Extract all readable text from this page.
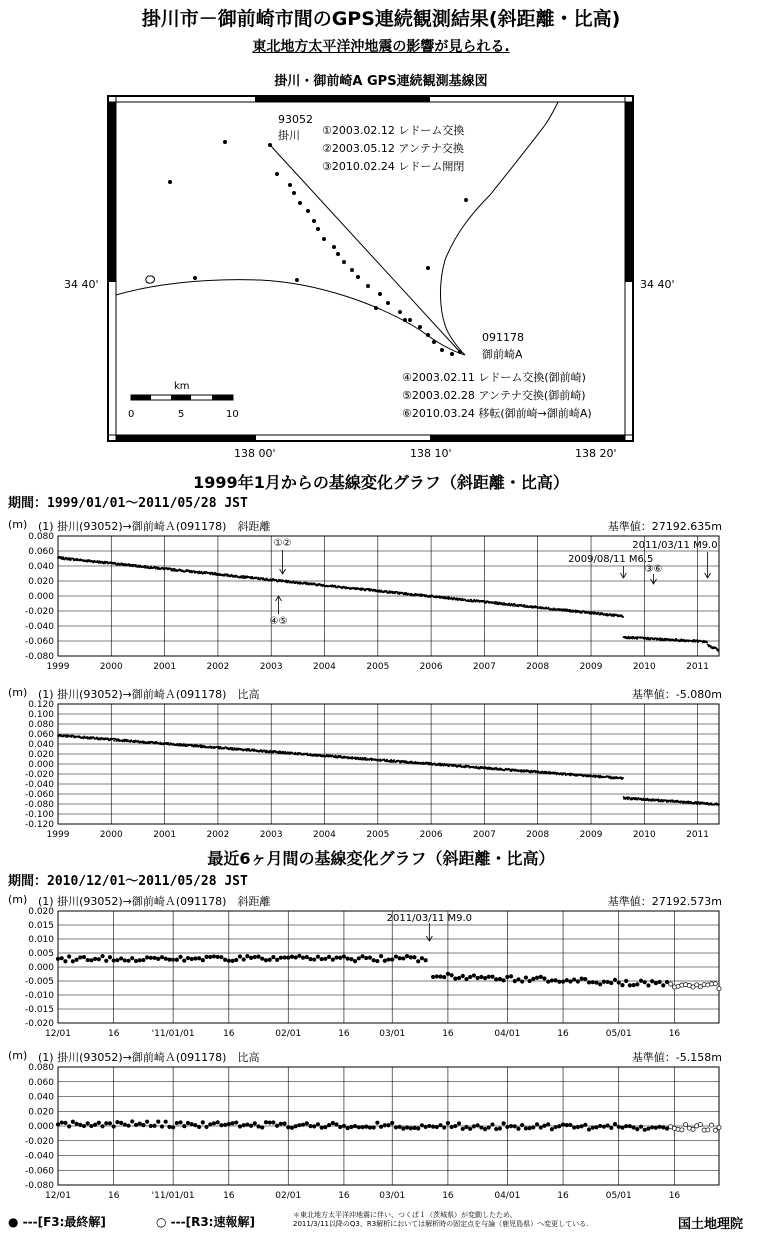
掛川市－御前崎市間のGPS連続観測結果(斜距離・比高)
東北地方太平洋沖地震の影響が見られる.
掛川・御前崎A GPS連続観測基線図
93052
掛川 ①2003.02.12 レドーム交換
②2003.05.12 アンテナ交換
③2010.02.24 レドーム開閉
091178
御前崎A
④2003.02.11 レドーム交換(御前崎)
⑤2003.02.28 アンテナ交換(御前崎)
⑥2010.03.24 移転(御前崎→御前崎A)
34 40'	34 40'
138 00'	138 10'	138 20'
km
0	5	10
1999年1月からの基線変化グラフ（斜距離・比高）
期間：1999/01/01～2011/05/28 JST
(m) (1) 掛川(93052)→御前崎Ａ(091178)　斜距離	基準値：27192.635m
0.080
0.060
0.040
0.020
0.000
-0.020
-0.040
-0.060
-0.080
1999	2000	2001	2002	2003	2004	2005	2006	2007	2008	2009	2010	2011
①②
④⑤
2009/08/11 M6.5
③⑥
2011/03/11 M9.0
(m) (1) 掛川(93052)→御前崎Ａ(091178)　比高	基準値：-5.080m
0.120
0.100
0.080
0.060
0.040
0.020
0.000
-0.020
-0.040
-0.060
-0.080
-0.100
-0.120
1999	2000	2001	2002	2003	2004	2005	2006	2007	2008	2009	2010	2011
最近6ヶ月間の基線変化グラフ（斜距離・比高）
期間：2010/12/01～2011/05/28 JST
(m) (1) 掛川(93052)→御前崎Ａ(091178)　斜距離	基準値：27192.573m
0.020
0.015
0.010
0.005
0.000
-0.005
-0.010
-0.015
-0.020
12/01	16	'11/01/01	16	02/01	16	03/01	16	04/01	16	05/01	16
2011/03/11 M9.0
(m) (1) 掛川(93052)→御前崎Ａ(091178)　比高	基準値：-5.158m
0.080
0.060
0.040
0.020
0.000
-0.020
-0.040
-0.060
-0.080
12/01	16	'11/01/01	16	02/01	16	03/01	16	04/01	16	05/01	16
● ---[F3:最終解]	○ ---[R3:速報解]	＊東北地方太平洋沖地震に伴い、つくば１（茨城県）が変動したため、
2011/3/11以降のQ3、R3解析においては解析時の固定点を与論（鹿児島県）へ変更している.	国土地理院
